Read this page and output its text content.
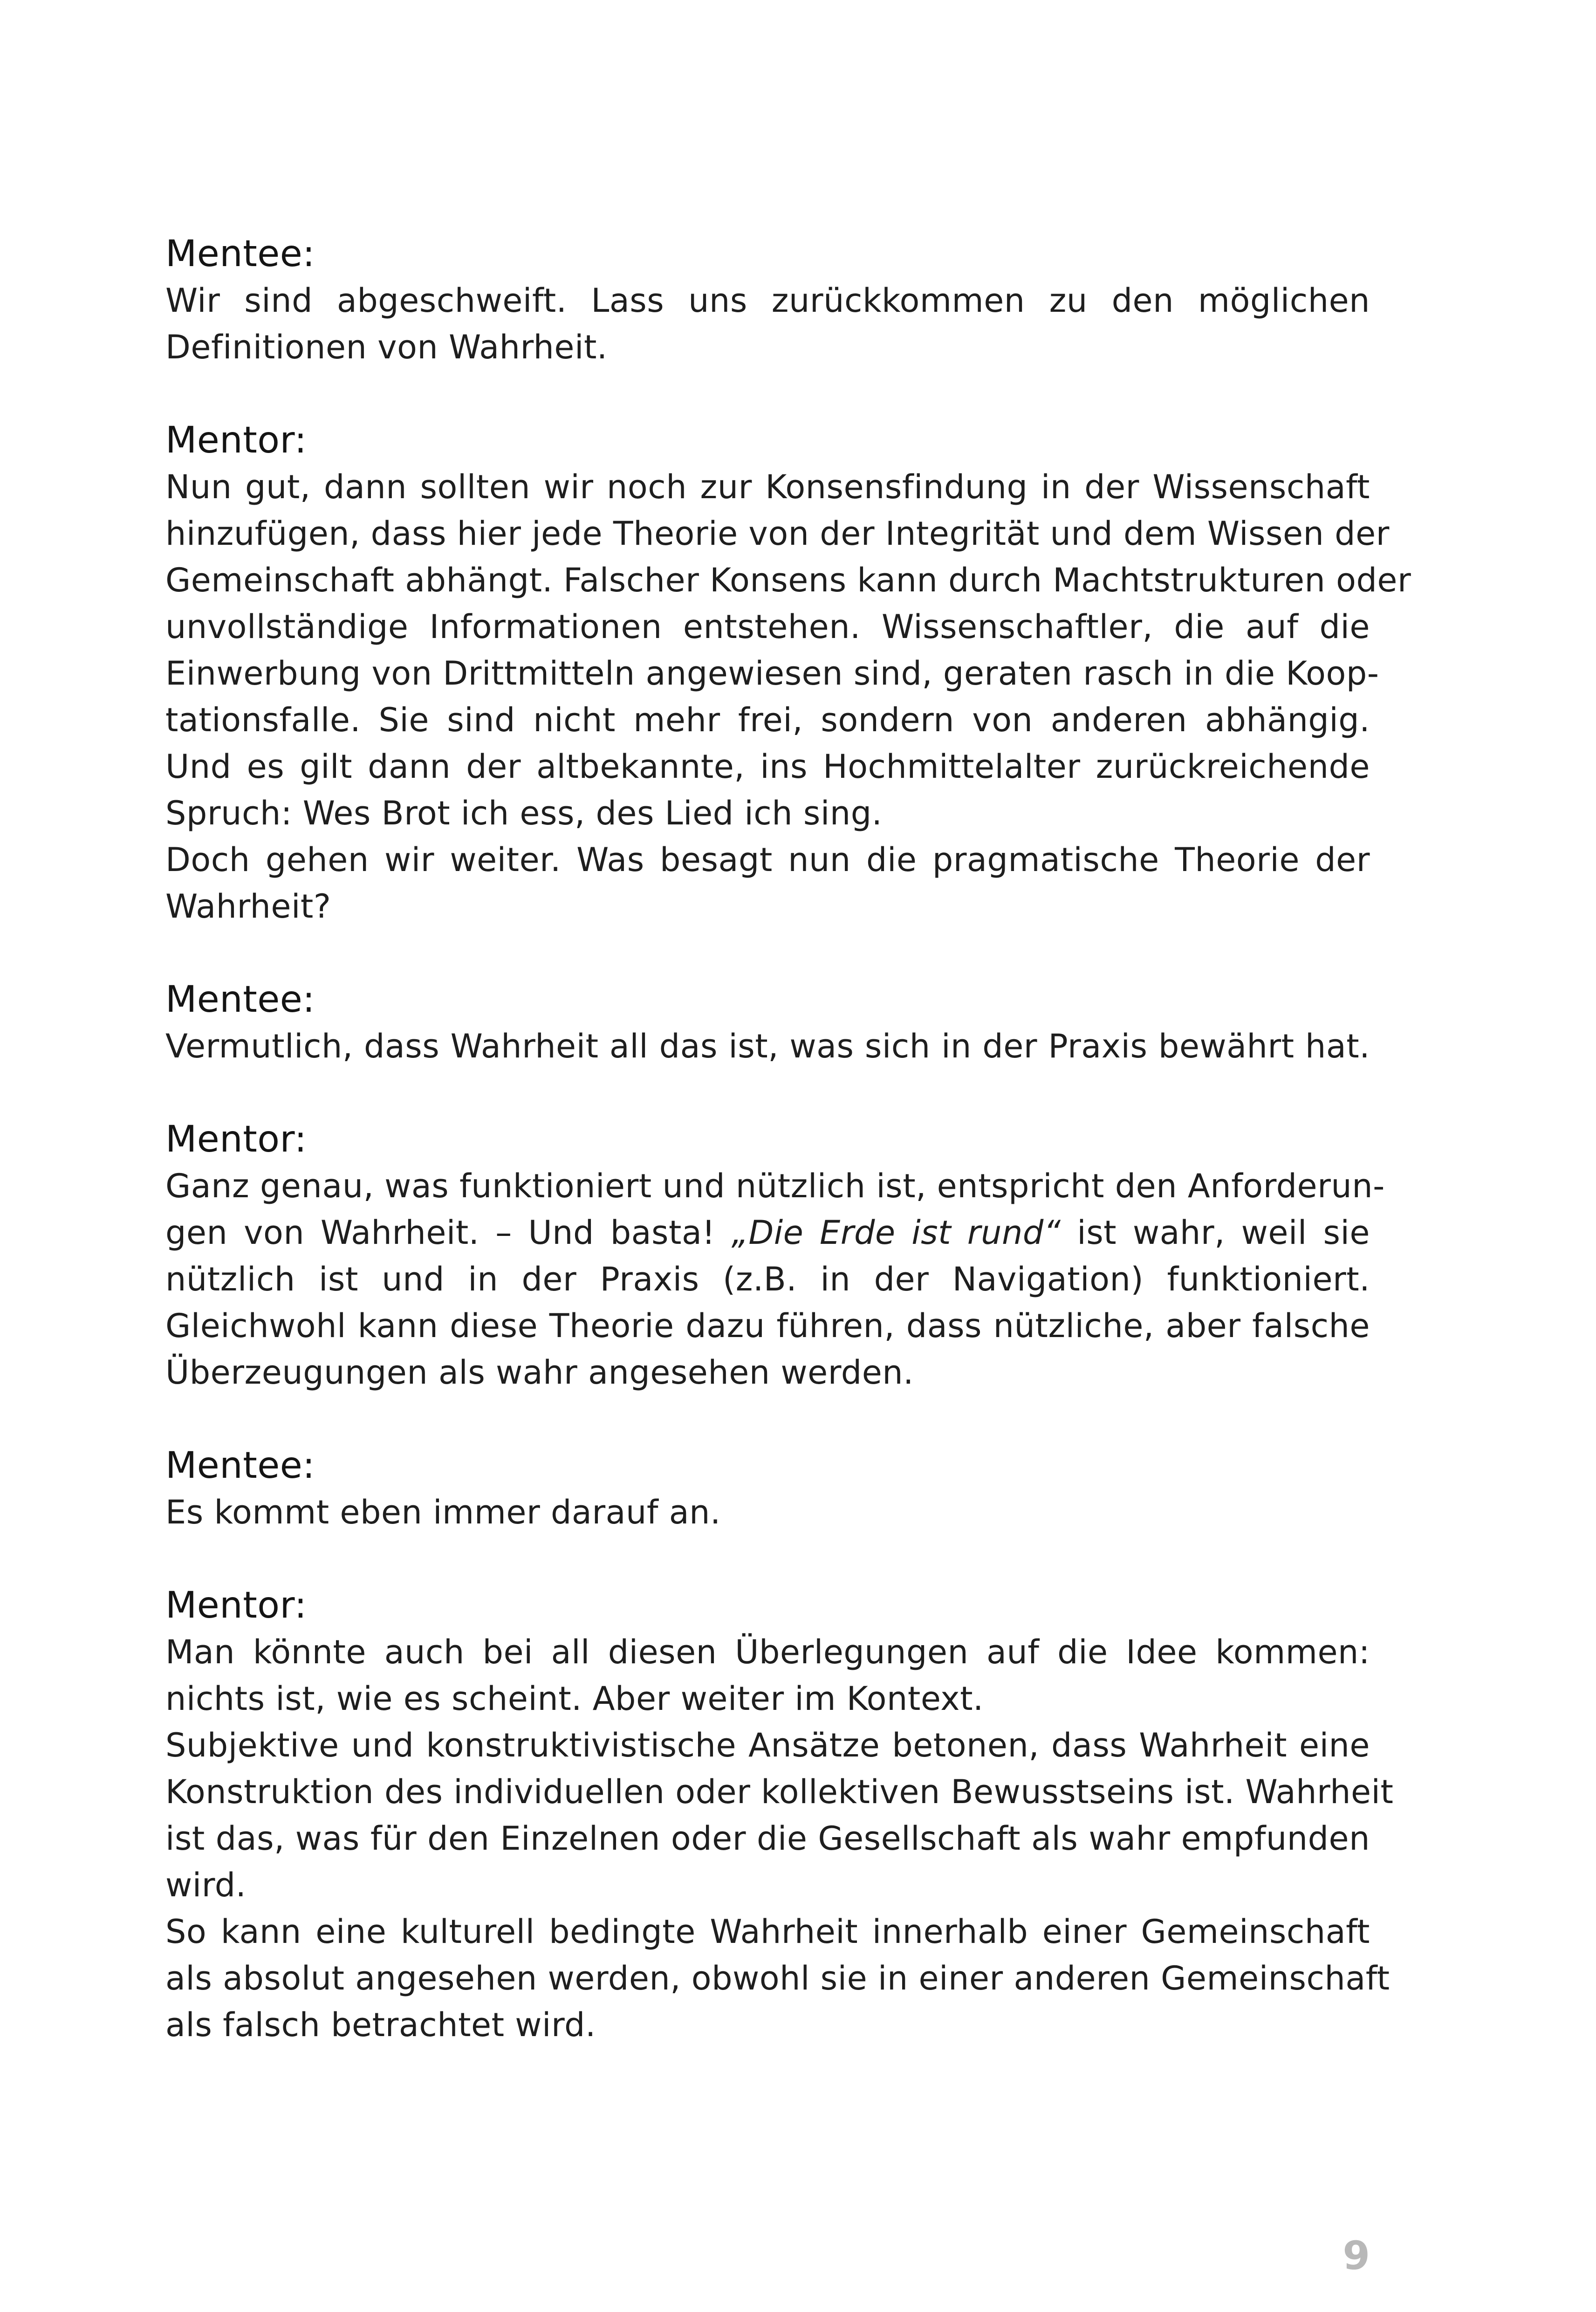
Mentee:
Wir sind abgeschweift. Lass uns zurückkommen zu den möglichen
Definitionen von Wahrheit.
Mentor:
Nun gut, dann sollten wir noch zur Konsensfindung in der Wissenschaft
hinzufügen, dass hier jede Theorie von der Integrität und dem Wissen der
Gemeinschaft abhängt. Falscher Konsens kann durch Machtstrukturen oder
unvollständige Informationen entstehen. Wissenschaftler, die auf die
Einwerbung von Drittmitteln angewiesen sind, geraten rasch in die Koop-
tationsfalle. Sie sind nicht mehr frei, sondern von anderen abhängig.
Und es gilt dann der altbekannte, ins Hochmittelalter zurückreichende
Spruch: Wes Brot ich ess, des Lied ich sing.
Doch gehen wir weiter. Was besagt nun die pragmatische Theorie der
Wahrheit?
Mentee:
Vermutlich, dass Wahrheit all das ist, was sich in der Praxis bewährt hat.
Mentor:
Ganz genau, was funktioniert und nützlich ist, entspricht den Anforderun-
gen von Wahrheit. – Und basta! „Die Erde ist rund“ ist wahr, weil sie
nützlich ist und in der Praxis (z.B. in der Navigation) funktioniert.
Gleichwohl kann diese Theorie dazu führen, dass nützliche, aber falsche
Überzeugungen als wahr angesehen werden.
Mentee:
Es kommt eben immer darauf an.
Mentor:
Man könnte auch bei all diesen Überlegungen auf die Idee kommen:
nichts ist, wie es scheint. Aber weiter im Kontext.
Subjektive und konstruktivistische Ansätze betonen, dass Wahrheit eine
Konstruktion des individuellen oder kollektiven Bewusstseins ist. Wahrheit
ist das, was für den Einzelnen oder die Gesellschaft als wahr empfunden
wird.
So kann eine kulturell bedingte Wahrheit innerhalb einer Gemeinschaft
als absolut angesehen werden, obwohl sie in einer anderen Gemeinschaft
als falsch betrachtet wird.
9
